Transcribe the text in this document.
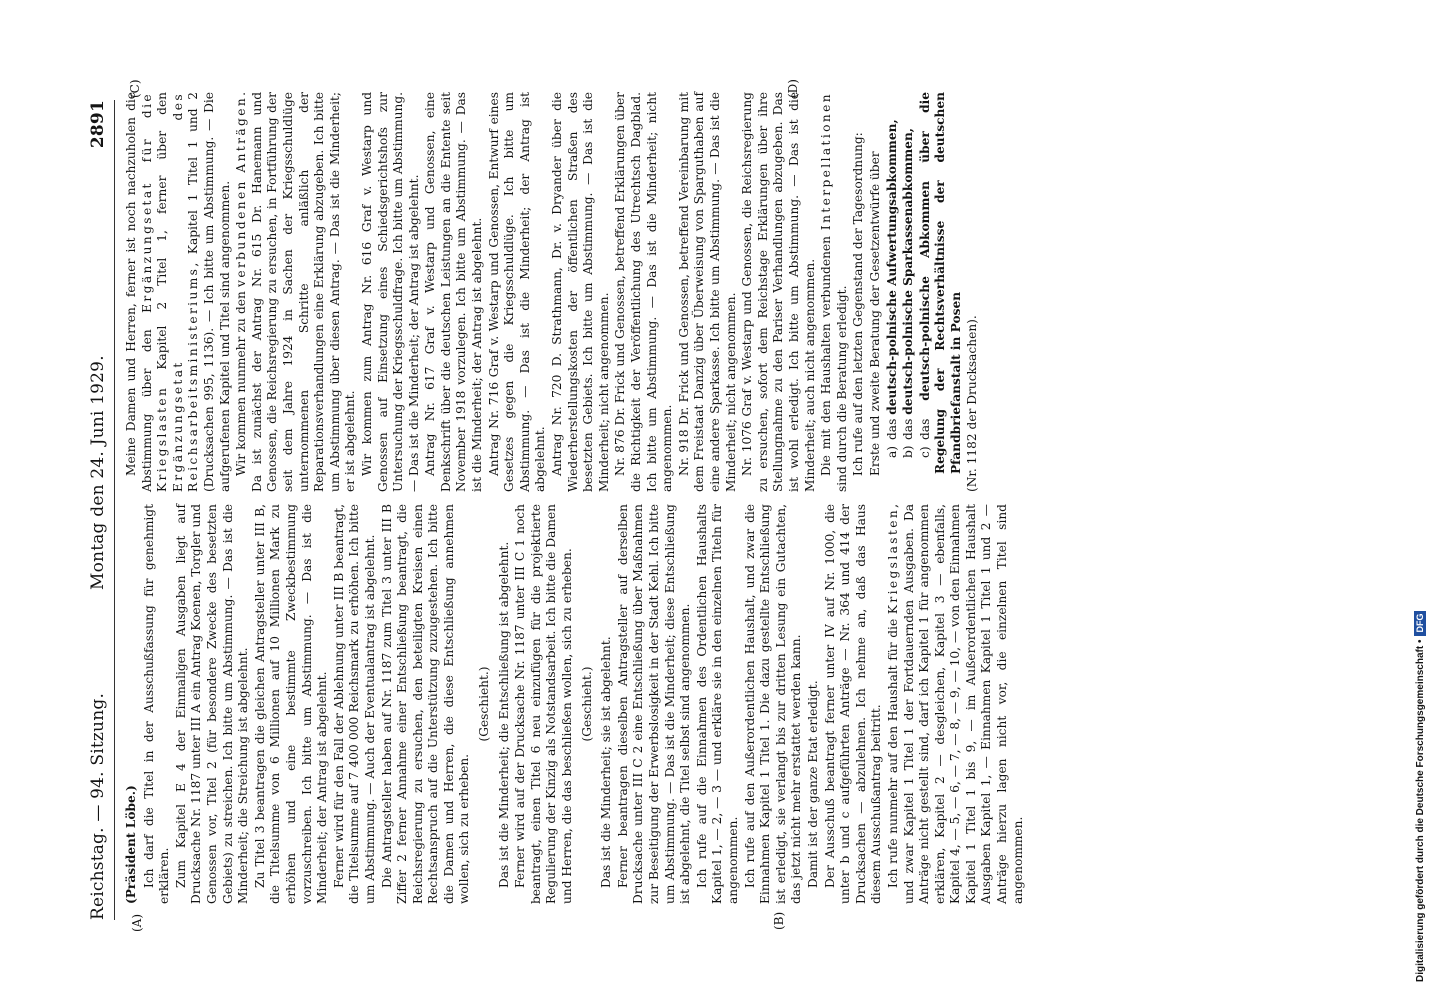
Reichstag. — 94. Sitzung.
Montag den 24. Juni 1929.
2891
(A)	(B)
(C)	(D)
(Präsident Löbe.) Ich darf die Titel in der Ausschußfassung für genehmigt erklären. Zum Kapitel E 4 der Einmaligen Ausgaben liegt auf Drucksache Nr. 1187 unter III A ein Antrag Koenen, Torgler und Genossen vor, Titel 2 (für besondere Zwecke des besetzten Gebiets) zu streichen. Ich bitte um Abstimmung. — Das ist die Minderheit; die Streichung ist abgelehnt. Zu Titel 3 beantragen die gleichen Antragsteller unter III B, die Titelsumme von 6 Millionen auf 10 Millionen Mark zu erhöhen und eine bestimmte Zweckbestimmung vorzuschreiben. Ich bitte um Abstimmung. — Das ist die Minderheit; der Antrag ist abgelehnt. Ferner wird für den Fall der Ablehnung unter III B beantragt, die Titelsumme auf 7 400 000 Reichsmark zu erhöhen. Ich bitte um Abstimmung. — Auch der Eventualantrag ist abgelehnt. Die Antragsteller haben auf Nr. 1187 zum Titel 3 unter III B Ziffer 2 ferner Annahme einer Entschließung beantragt, die Reichsregierung zu ersuchen, den beteiligten Kreisen einen Rechtsanspruch auf die Unterstützung zuzugestehen. Ich bitte die Damen und Herren, die diese Entschließung annehmen wollen, sich zu erheben.

(Geschieht.) Das ist die Minderheit; die Entschließung ist abgelehnt. Ferner wird auf der Drucksache Nr. 1187 unter III C 1 noch beantragt, einen Titel 6 neu einzufügen für die projektierte Regulierung der Kinzig als Notstandsarbeit. Ich bitte die Damen und Herren, die das beschließen wollen, sich zu erheben. (Geschieht.) Das ist die Minderheit; sie ist abgelehnt. Ferner beantragen dieselben Antragsteller auf derselben Drucksache unter III C 2 eine Entschließung über Maßnahmen zur Beseitigung der Erwerbslosigkeit in der Stadt Kehl. Ich bitte um Abstimmung. — Das ist die Minderheit; diese Entschließung ist abgelehnt, die Titel selbst sind angenommen. Ich rufe auf die Einnahmen des Ordentlichen Haushalts Kapitel 1, — 2, — 3 — und erkläre sie in den einzelnen Titeln für angenommen. Ich rufe auf den Außerordentlichen Haushalt, und zwar die Einnahmen Kapitel 1 Titel 1. Die dazu gestellte Entschließung ist erledigt, sie verlangt bis zur dritten Lesung ein Gutachten, das jetzt nicht mehr erstattet werden kann. Damit ist der ganze Etat erledigt. Der Ausschuß beantragt ferner unter IV auf Nr. 1000, die unter b und c aufgeführten Anträge — Nr. 364 und 414 der Drucksachen — abzulehnen. Ich nehme an, daß das Haus diesem Ausschußantrag beitritt. Ich rufe nunmehr auf den Haushalt für die Kriegslasten, und zwar Kapitel 1 Titel 1 der Fortdauernden Ausgaben. Da Anträge nicht gestellt sind, darf ich Kapitel 1 für angenommen erklären, Kapitel 2 — desgleichen, Kapitel 3 — ebenfalls, Kapitel 4, — 5, — 6, — 7, — 8, — 9, — 10, — von den Einnahmen Kapitel 1 Titel 1 bis 9, — im Außerordentlichen Haushalt Ausgaben Kapitel 1, — Einnahmen Kapitel 1 Titel 1 und 2 — Anträge hierzu lagen nicht vor, die einzelnen Titel sind angenommen.

Meine Damen und Herren, ferner ist noch nachzuholen die Abstimmung über den Ergänzungsetat für die Kriegslasten Kapitel 2 Titel 1, ferner über den Ergänzungsetat des Reichsarbeitsministeriums, Kapitel 1 Titel 1 und 2 (Drucksachen 995, 1136). — Ich bitte um Abstimmung. — Die aufgerufenen Kapitel und Titel sind angenommen. Wir kommen nunmehr zu den verbundenen Anträgen. Da ist zunächst der Antrag Nr. 615 Dr. Hanemann und Genossen, die Reichsregierung zu ersuchen, in Fortführung der seit dem Jahre 1924 in Sachen der Kriegsschuldlüge unternommenen Schritte anläßlich der Reparationsverhandlungen eine Erklärung abzugeben. Ich bitte um Abstimmung über diesen Antrag. — Das ist die Minderheit; er ist abgelehnt. Wir kommen zum Antrag Nr. 616 Graf v. Westarp und Genossen auf Einsetzung eines Schiedsgerichtshofs zur Untersuchung der Kriegsschuldfrage. Ich bitte um Abstimmung. — Das ist die Minderheit; der Antrag ist abgelehnt. Antrag Nr. 617 Graf v. Westarp und Genossen, eine Denkschrift über die deutschen Leistungen an die Entente seit November 1918 vorzulegen. Ich bitte um Abstimmung. — Das ist die Minderheit; der Antrag ist abgelehnt. Antrag Nr. 716 Graf v. Westarp und Genossen, Entwurf eines Gesetzes gegen die Kriegsschuldlüge. Ich bitte um Abstimmung. — Das ist die Minderheit; der Antrag ist abgelehnt. Antrag Nr. 720 D. Strathmann, Dr. v. Dryander über die Wiederherstellungskosten der öffentlichen Straßen des besetzten Gebiets. Ich bitte um Abstimmung. — Das ist die Minderheit; nicht angenommen. Nr. 876 Dr. Frick und Genossen, betreffend Erklärungen über die Richtigkeit der Veröffentlichung des Utrechtsch Dagblad. Ich bitte um Abstimmung. — Das ist die Minderheit; nicht angenommen. Nr. 918 Dr. Frick und Genossen, betreffend Vereinbarung mit dem Freistaat Danzig über Überweisung von Sparguthaben auf eine andere Sparkasse. Ich bitte um Abstimmung. — Das ist die Minderheit; nicht angenommen. Nr. 1076 Graf v. Westarp und Genossen, die Reichsregierung zu ersuchen, sofort dem Reichstage Erklärungen über ihre Stellungnahme zu den Pariser Verhandlungen abzugeben. Das ist wohl erledigt. Ich bitte um Abstimmung. — Das ist die Minderheit; auch nicht angenommen. Die mit den Haushalten verbundenen Interpellationen sind durch die Beratung erledigt. Ich rufe auf den letzten Gegenstand der Tagesordnung: Erste und zweite Beratung der Gesetzentwürfe über a)das deutsch-polnische Aufwertungsabkommen,

b)das deutsch-polnische Sparkassenabkommen,

c)das deutsch-polnische Abkommen über die Regelung der Rechtsverhältnisse der deutschen Pfandbriefanstalt in Posen (Nr. 1182 der Drucksachen).

Digitalisierung gefördert durch die Deutsche Forschungsgemeinschaft •DFG
